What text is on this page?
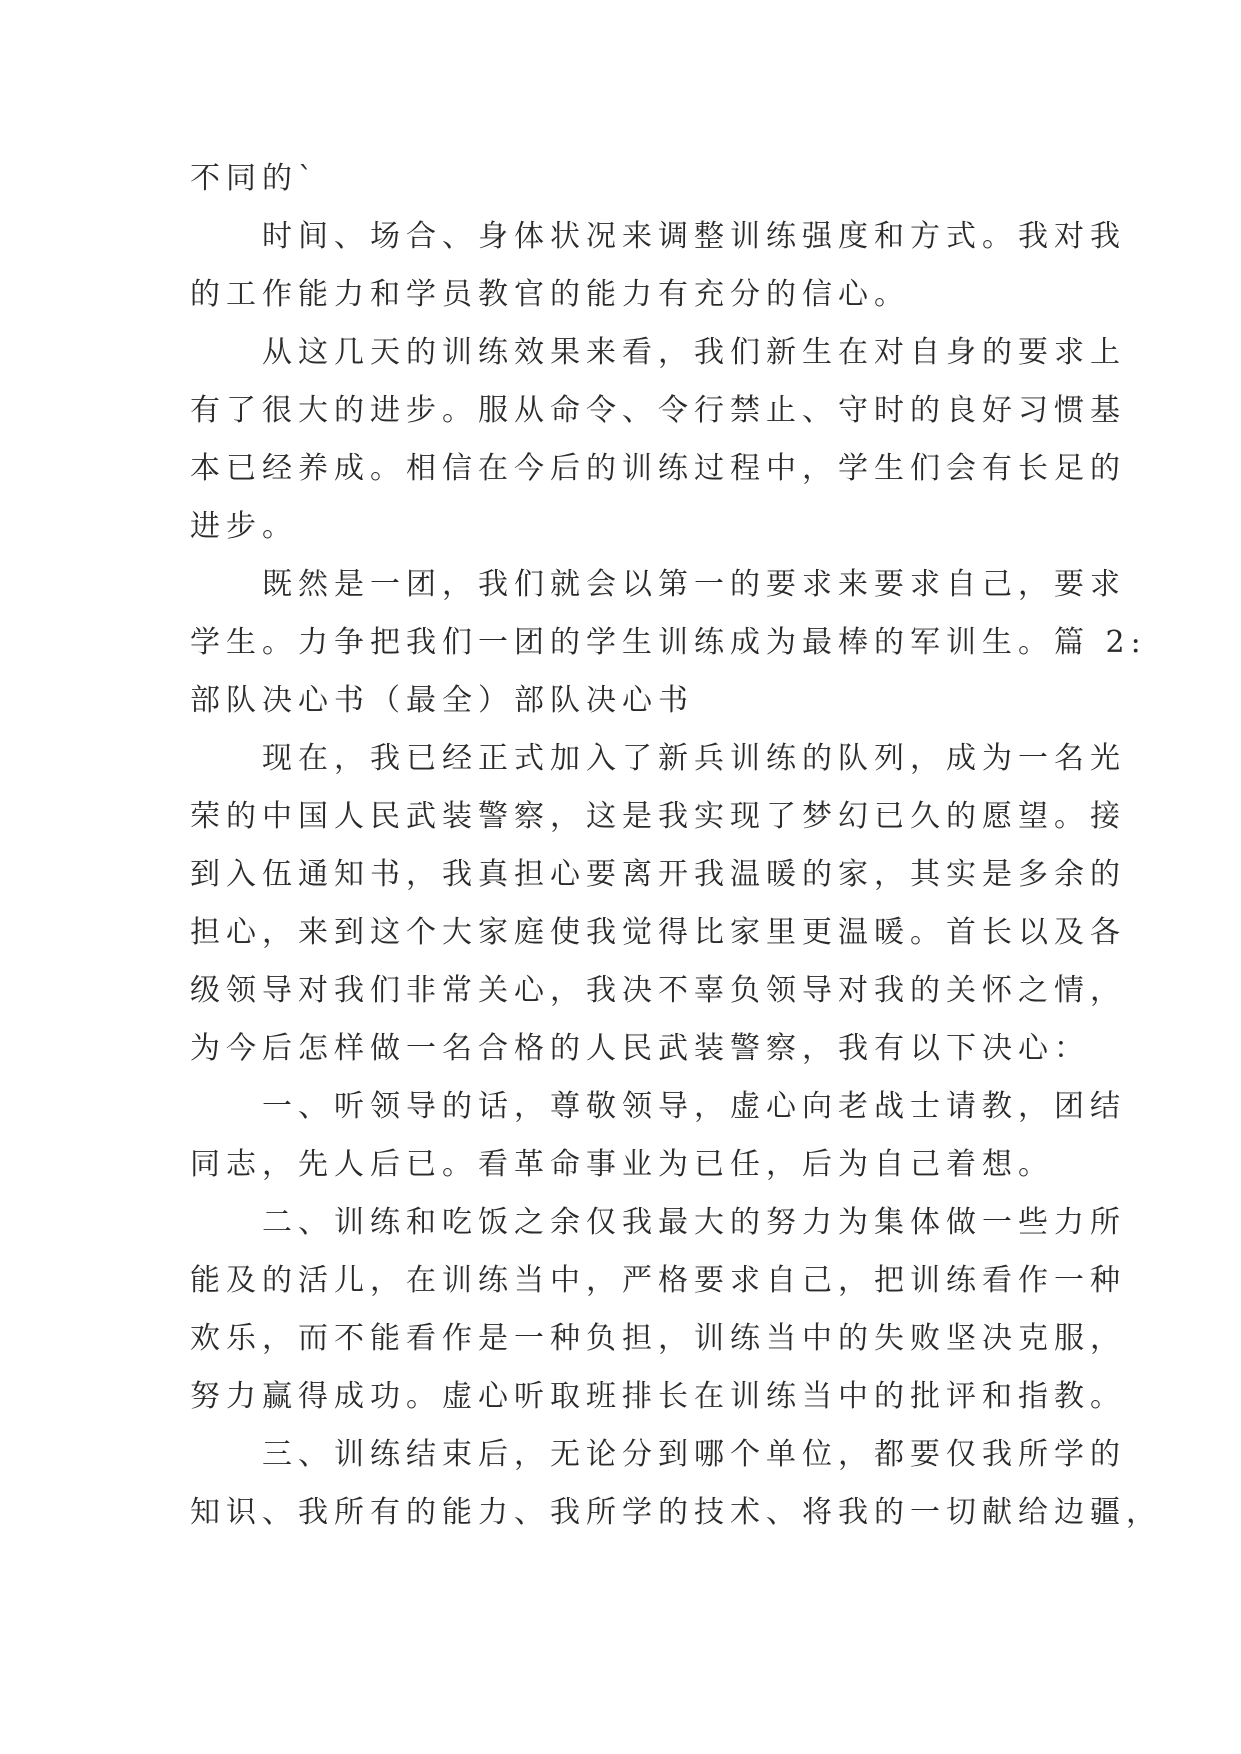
不同的`
时间、场合、身体状况来调整训练强度和方式。我对我
的工作能力和学员教官的能力有充分的信心。
从这几天的训练效果来看，我们新生在对自身的要求上
有了很大的进步。服从命令、令行禁止、守时的良好习惯基
本已经养成。相信在今后的训练过程中，学生们会有长足的
进步。
既然是一团，我们就会以第一的要求来要求自己，要求
学生。力争把我们一团的学生训练成为最棒的军训生。篇 2:
部队决心书（最全）部队决心书
现在，我已经正式加入了新兵训练的队列，成为一名光
荣的中国人民武装警察，这是我实现了梦幻已久的愿望。接
到入伍通知书，我真担心要离开我温暖的家，其实是多余的
担心，来到这个大家庭使我觉得比家里更温暖。首长以及各
级领导对我们非常关心，我决不辜负领导对我的关怀之情，
为今后怎样做一名合格的人民武装警察，我有以下决心：
一、听领导的话，尊敬领导，虚心向老战士请教，团结
同志，先人后已。看革命事业为已任，后为自己着想。
二、训练和吃饭之余仅我最大的努力为集体做一些力所
能及的活儿，在训练当中，严格要求自己，把训练看作一种
欢乐，而不能看作是一种负担，训练当中的失败坚决克服，
努力赢得成功。虚心听取班排长在训练当中的批评和指教。
三、训练结束后，无论分到哪个单位，都要仅我所学的
知识、我所有的能力、我所学的技术、将我的一切献给边疆，
